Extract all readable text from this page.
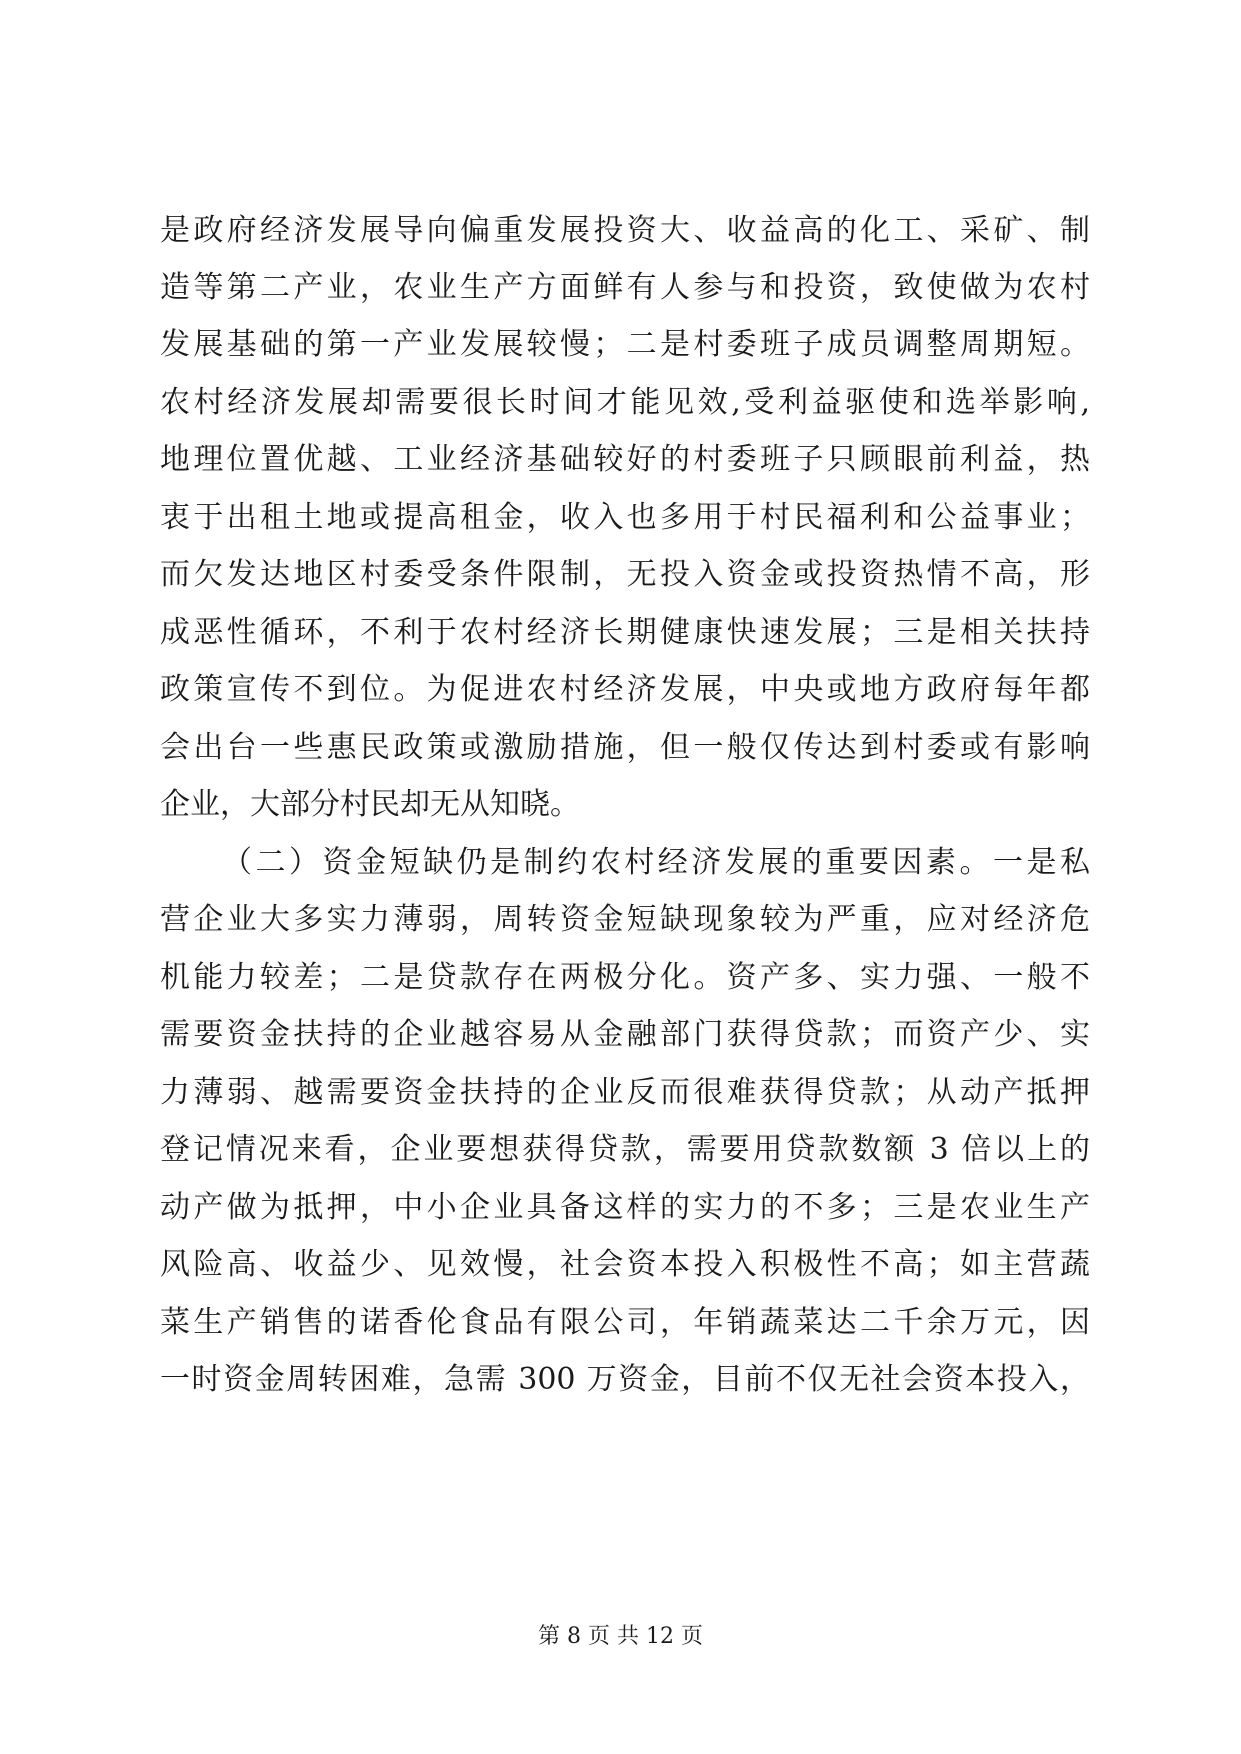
是政府经济发展导向偏重发展投资大、收益高的化工、采矿、制
造等第二产业，农业生产方面鲜有人参与和投资，致使做为农村
发展基础的第一产业发展较慢；二是村委班子成员调整周期短。
农村经济发展却需要很长时间才能见效,受利益驱使和选举影响,
地理位置优越、工业经济基础较好的村委班子只顾眼前利益，热
衷于出租土地或提高租金，收入也多用于村民福利和公益事业；
而欠发达地区村委受条件限制，无投入资金或投资热情不高，形
成恶性循环，不利于农村经济长期健康快速发展；三是相关扶持
政策宣传不到位。为促进农村经济发展，中央或地方政府每年都
会出台一些惠民政策或激励措施，但一般仅传达到村委或有影响
企业，大部分村民却无从知晓。
（二）资金短缺仍是制约农村经济发展的重要因素。一是私
营企业大多实力薄弱，周转资金短缺现象较为严重，应对经济危
机能力较差；二是贷款存在两极分化。资产多、实力强、一般不
需要资金扶持的企业越容易从金融部门获得贷款；而资产少、实
力薄弱、越需要资金扶持的企业反而很难获得贷款；从动产抵押
登记情况来看，企业要想获得贷款，需要用贷款数额 3 倍以上的
动产做为抵押，中小企业具备这样的实力的不多；三是农业生产
风险高、收益少、见效慢，社会资本投入积极性不高；如主营蔬
菜生产销售的诺香伦食品有限公司，年销蔬菜达二千余万元，因
一时资金周转困难，急需 300 万资金，目前不仅无社会资本投入，
第 8 页 共 12 页
